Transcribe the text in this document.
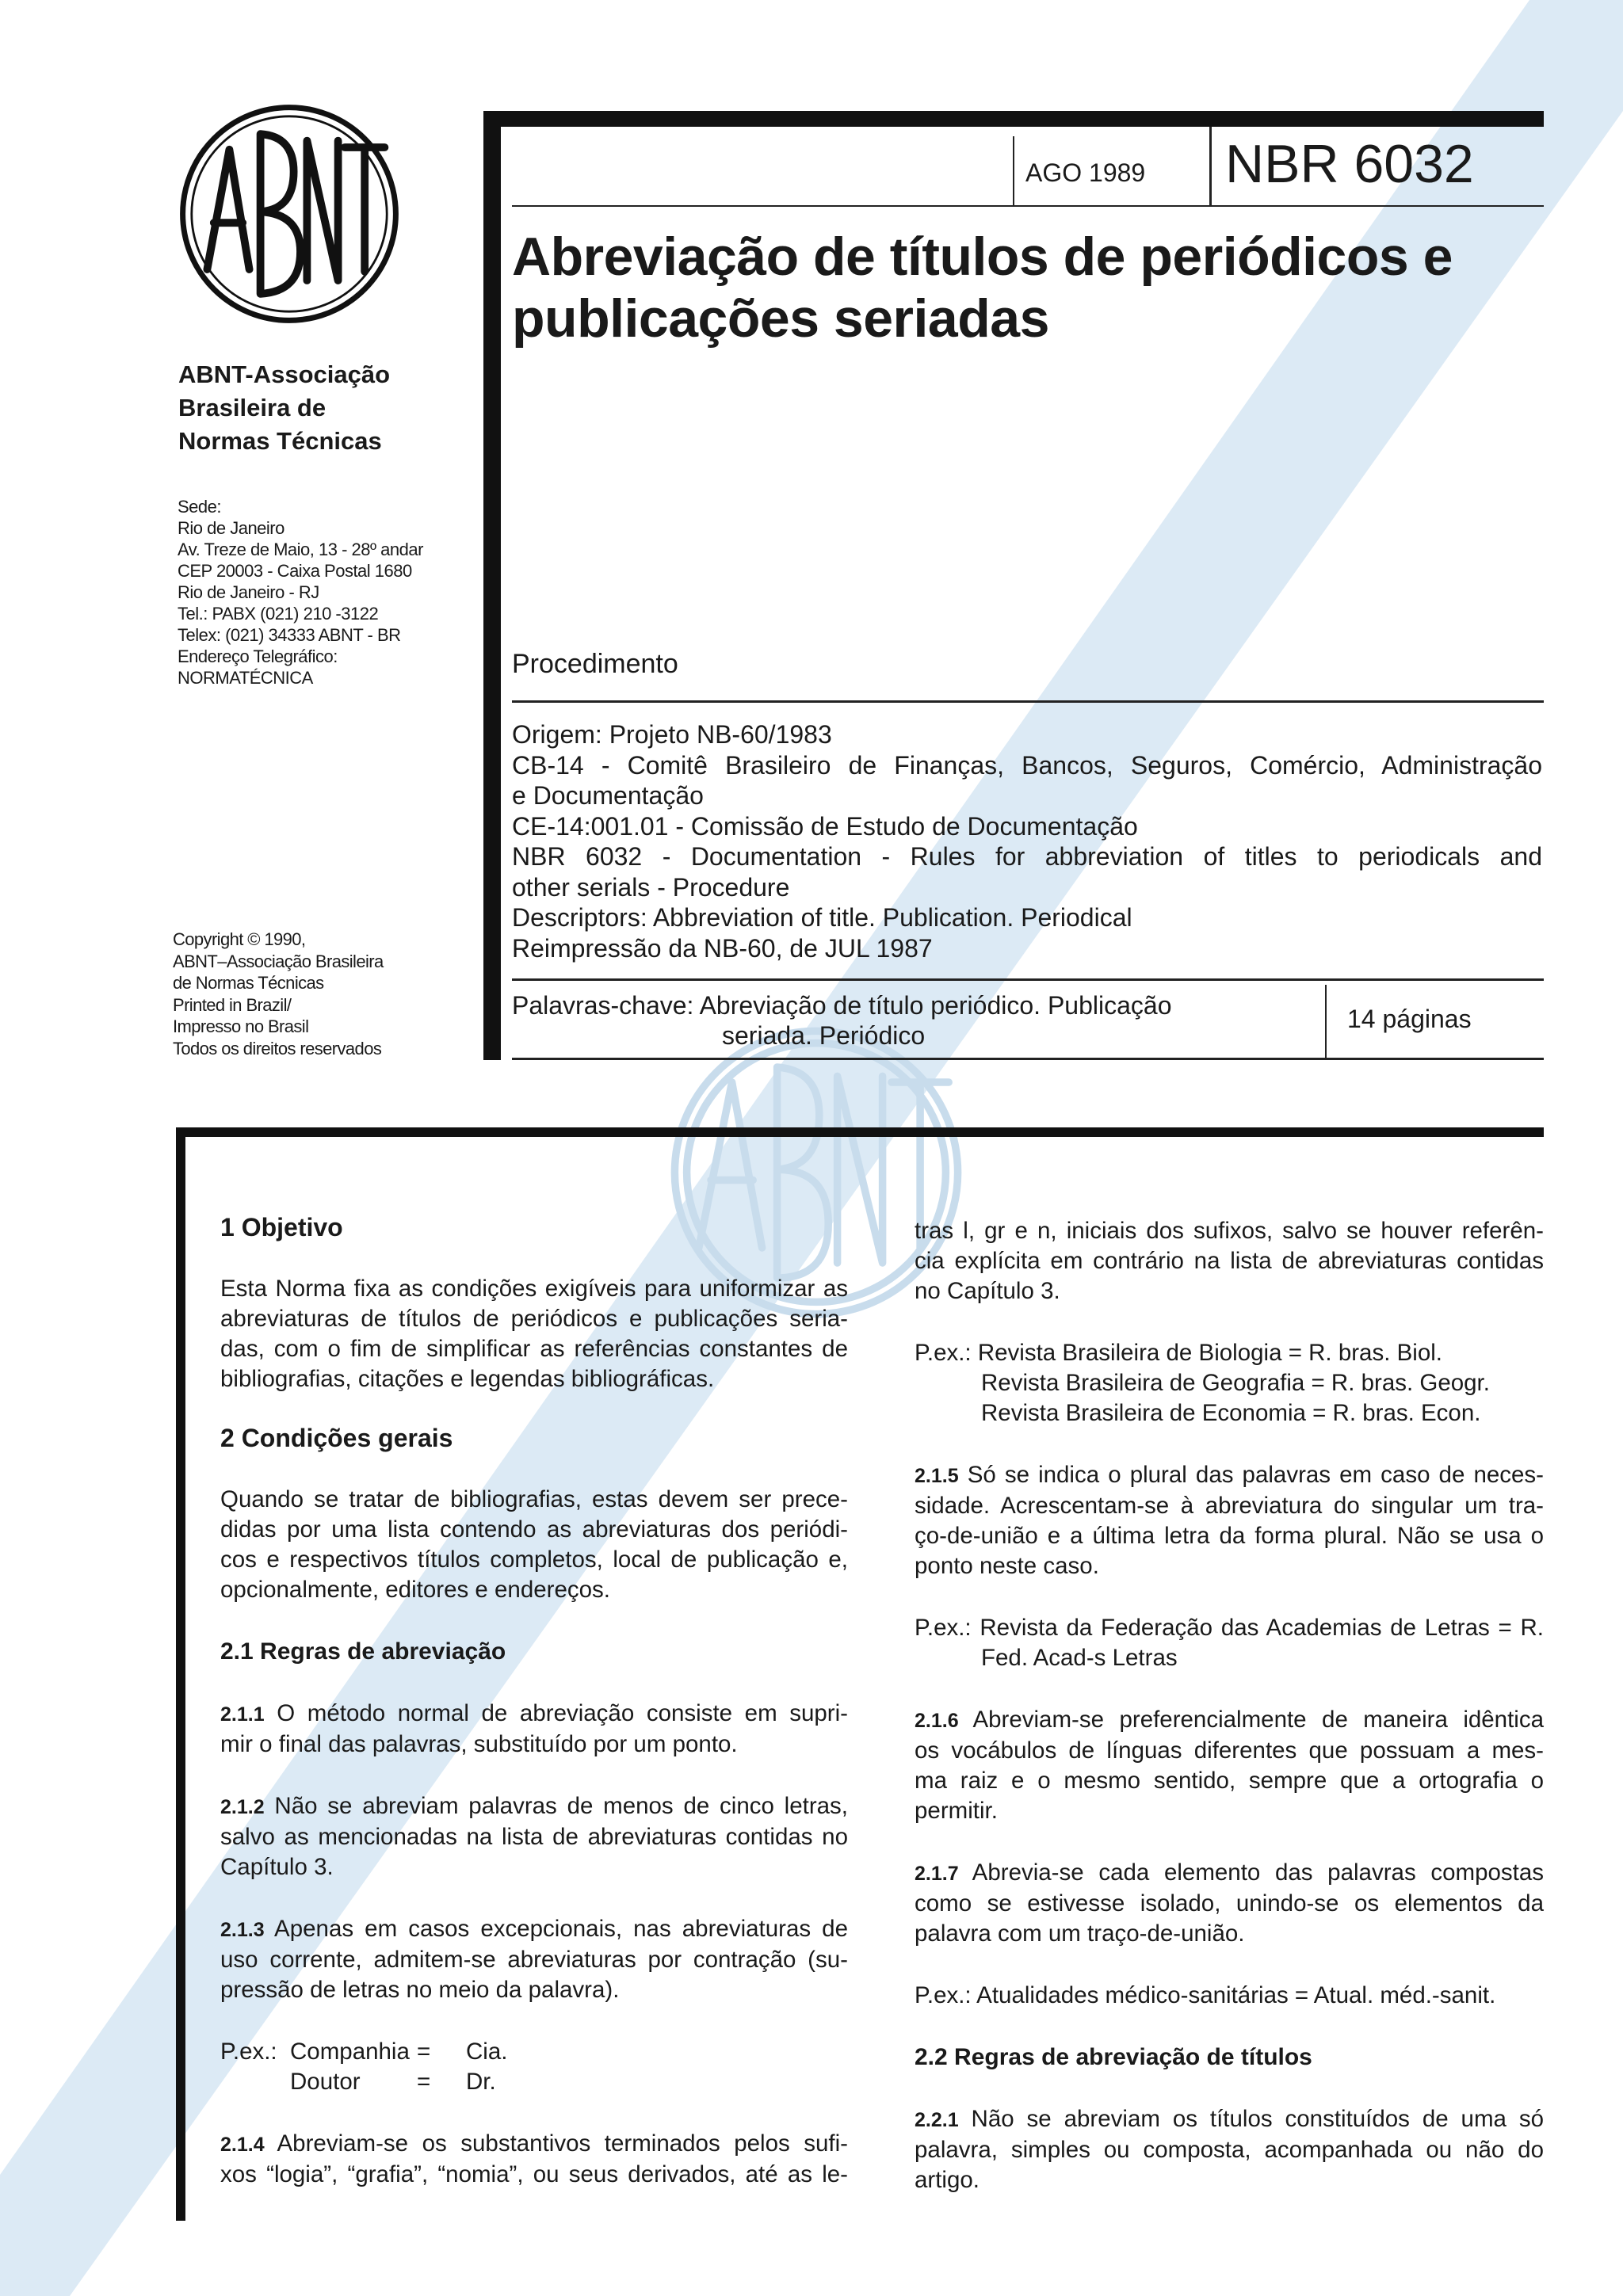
ABNT-Associação
Brasileira de
Normas Técnicas
Sede:
Rio de Janeiro
Av. Treze de Maio, 13 - 28º andar
CEP 20003 - Caixa Postal 1680
Rio de Janeiro - RJ
Tel.: PABX (021) 210 -3122
Telex: (021) 34333 ABNT - BR
Endereço Telegráfico:
NORMATÉCNICA
Copyright © 1990,
ABNT–Associação Brasileira
de Normas Técnicas
Printed in Brazil/
Impresso no Brasil
Todos os direitos reservados
AGO 1989 NBR 6032
Abreviação de títulos de periódicos e
publicações seriadas
Procedimento
Origem: Projeto NB-60/1983
CB-14 - Comitê Brasileiro de Finanças, Bancos, Seguros, Comércio, Administração
e Documentação
CE-14:001.01 - Comissão de Estudo de Documentação
NBR 6032 - Documentation - Rules for abbreviation of titles to periodicals and
other serials - Procedure
Descriptors: Abbreviation of title. Publication. Periodical
Reimpressão da NB-60, de JUL 1987
Palavras-chave: Abreviação de título periódico. Publicação
seriada. Periódico
14 páginas
1 Objetivo

Esta Norma fixa as condições exigíveis para uniformizar as
abreviaturas de títulos de periódicos e publicações seria-
das, com o fim de simplificar as referências constantes de
bibliografias, citações e legendas bibliográficas.

2 Condições gerais

Quando se tratar de bibliografias, estas devem ser prece-
didas por uma lista contendo as abreviaturas dos periódi-
cos e respectivos títulos completos, local de publicação e,
opcionalmente, editores e endereços.

2.1 Regras de abreviação

2.1.1 O método normal de abreviação consiste em supri-
mir o final das palavras, substituído por um ponto.

2.1.2 Não se abreviam palavras de menos de cinco letras,
salvo as mencionadas na lista de abreviaturas contidas no
Capítulo 3.

2.1.3 Apenas em casos excepcionais, nas abreviaturas de
uso corrente, admitem-se abreviaturas por contração (su-
pressão de letras no meio da palavra).

P.ex.: Companhia = Cia.
Doutor = Dr.

2.1.4 Abreviam-se os substantivos terminados pelos sufi-
xos “logia”, “grafia”, “nomia”, ou seus derivados, até as le-

tras l, gr e n, iniciais dos sufixos, salvo se houver referên-
cia explícita em contrário na lista de abreviaturas contidas
no Capítulo 3.

P.ex.: Revista Brasileira de Biologia = R. bras. Biol.
Revista Brasileira de Geografia = R. bras. Geogr.
Revista Brasileira de Economia = R. bras. Econ.

2.1.5 Só se indica o plural das palavras em caso de neces-
sidade. Acrescentam-se à abreviatura do singular um tra-
ço-de-união e a última letra da forma plural. Não se usa o
ponto neste caso.

P.ex.: Revista da Federação das Academias de Letras = R.
Fed. Acad-s Letras

2.1.6 Abreviam-se preferencialmente de maneira idêntica
os vocábulos de línguas diferentes que possuam a mes-
ma raiz e o mesmo sentido, sempre que a ortografia o
permitir.

2.1.7 Abrevia-se cada elemento das palavras compostas
como se estivesse isolado, unindo-se os elementos da
palavra com um traço-de-união.

P.ex.: Atualidades médico-sanitárias = Atual. méd.-sanit.
2.2 Regras de abreviação de títulos

2.2.1 Não se abreviam os títulos constituídos de uma só
palavra, simples ou composta, acompanhada ou não do
artigo.
